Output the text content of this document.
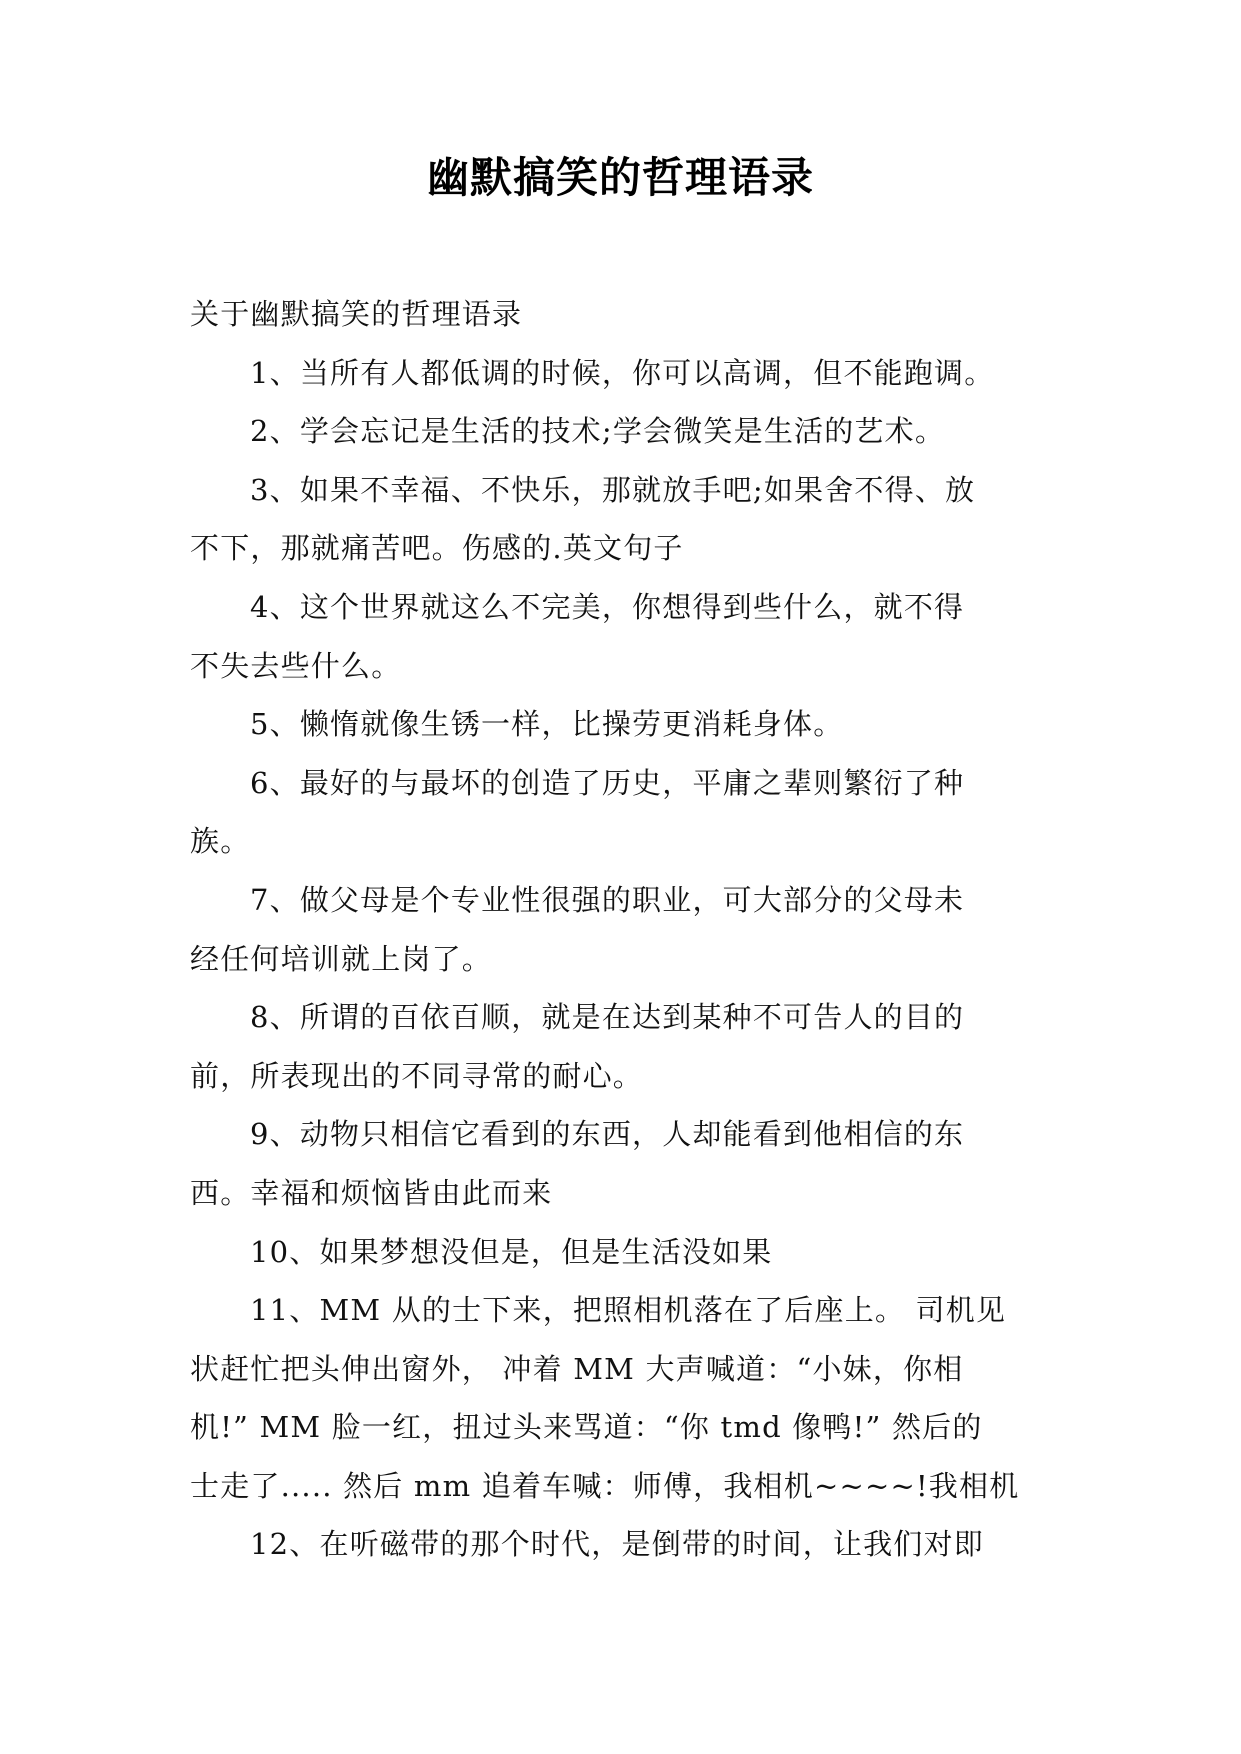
幽默搞笑的哲理语录

关于幽默搞笑的哲理语录

1、当所有人都低调的时候，你可以高调，但不能跑调。

2、学会忘记是生活的技术;学会微笑是生活的艺术。

3、如果不幸福、不快乐，那就放手吧;如果舍不得、放
不下，那就痛苦吧。伤感的.英文句子

4、这个世界就这么不完美，你想得到些什么，就不得
不失去些什么。

5、懒惰就像生锈一样，比操劳更消耗身体。

6、最好的与最坏的创造了历史，平庸之辈则繁衍了种
族。

7、做父母是个专业性很强的职业，可大部分的父母未
经任何培训就上岗了。

8、所谓的百依百顺，就是在达到某种不可告人的目的
前，所表现出的不同寻常的耐心。

9、动物只相信它看到的东西，人却能看到他相信的东
西。幸福和烦恼皆由此而来

10、如果梦想没但是，但是生活没如果

11、MM 从的士下来，把照相机落在了后座上。 司机见
状赶忙把头伸出窗外， 冲着 MM 大声喊道：“小妹，你相
机!” MM 脸一红，扭过头来骂道：“你 tmd 像鸭!” 然后的
士走了..... 然后 mm 追着车喊：师傅，我相机~~~~!我相机

12、在听磁带的那个时代，是倒带的时间，让我们对即
